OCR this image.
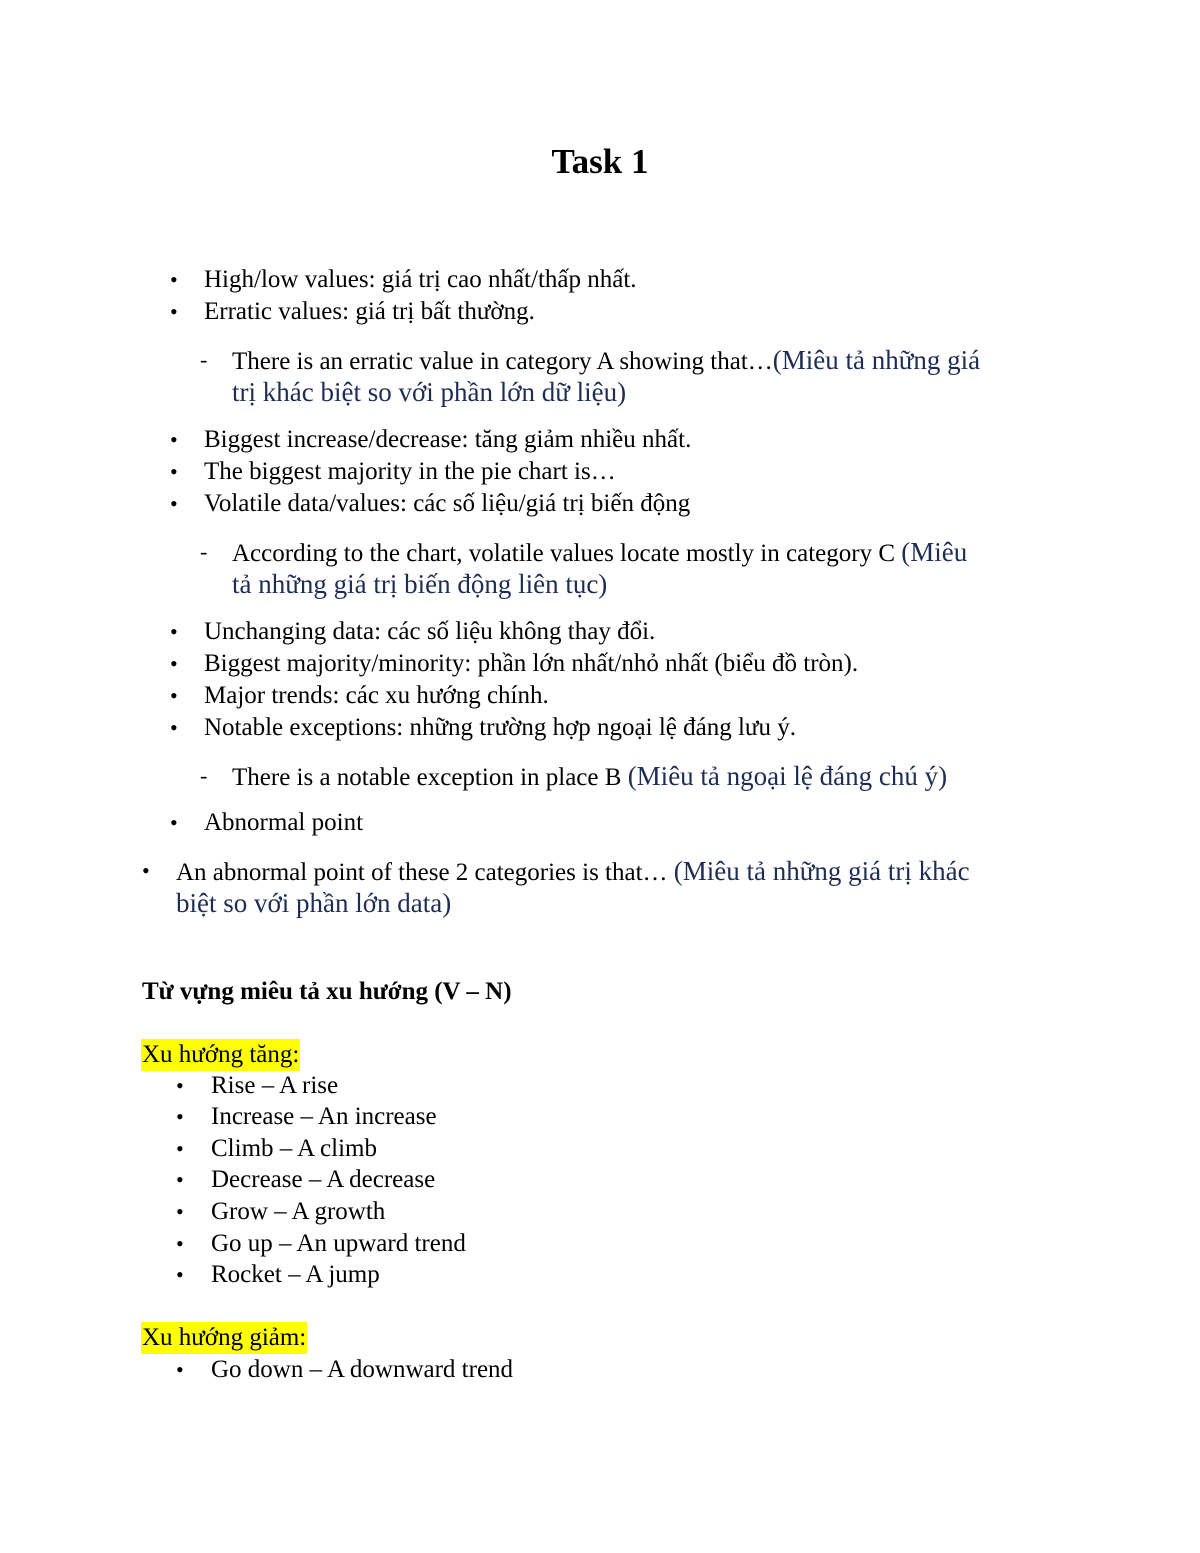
Task 1
• High/low values: giá trị cao nhất/thấp nhất.
• Erratic values: giá trị bất thường.
- There is an erratic value in category A showing that…(Miêu tả những giá
trị khác biệt so với phần lớn dữ liệu)
• Biggest increase/decrease: tăng giảm nhiều nhất.
• The biggest majority in the pie chart is…
• Volatile data/values: các số liệu/giá trị biến động
- According to the chart, volatile values locate mostly in category C (Miêu
tả những giá trị biến động liên tục)
• Unchanging data: các số liệu không thay đổi.
• Biggest majority/minority: phần lớn nhất/nhỏ nhất (biểu đồ tròn).
• Major trends: các xu hướng chính.
• Notable exceptions: những trường hợp ngoại lệ đáng lưu ý.
- There is a notable exception in place B (Miêu tả ngoại lệ đáng chú ý)
• Abnormal point
• An abnormal point of these 2 categories is that… (Miêu tả những giá trị khác
biệt so với phần lớn data)
Từ vựng miêu tả xu hướng (V – N)
Xu hướng tăng:
• Rise – A rise
• Increase – An increase
• Climb – A climb
• Decrease – A decrease
• Grow – A growth
• Go up – An upward trend
• Rocket – A jump
Xu hướng giảm:
• Go down – A downward trend
